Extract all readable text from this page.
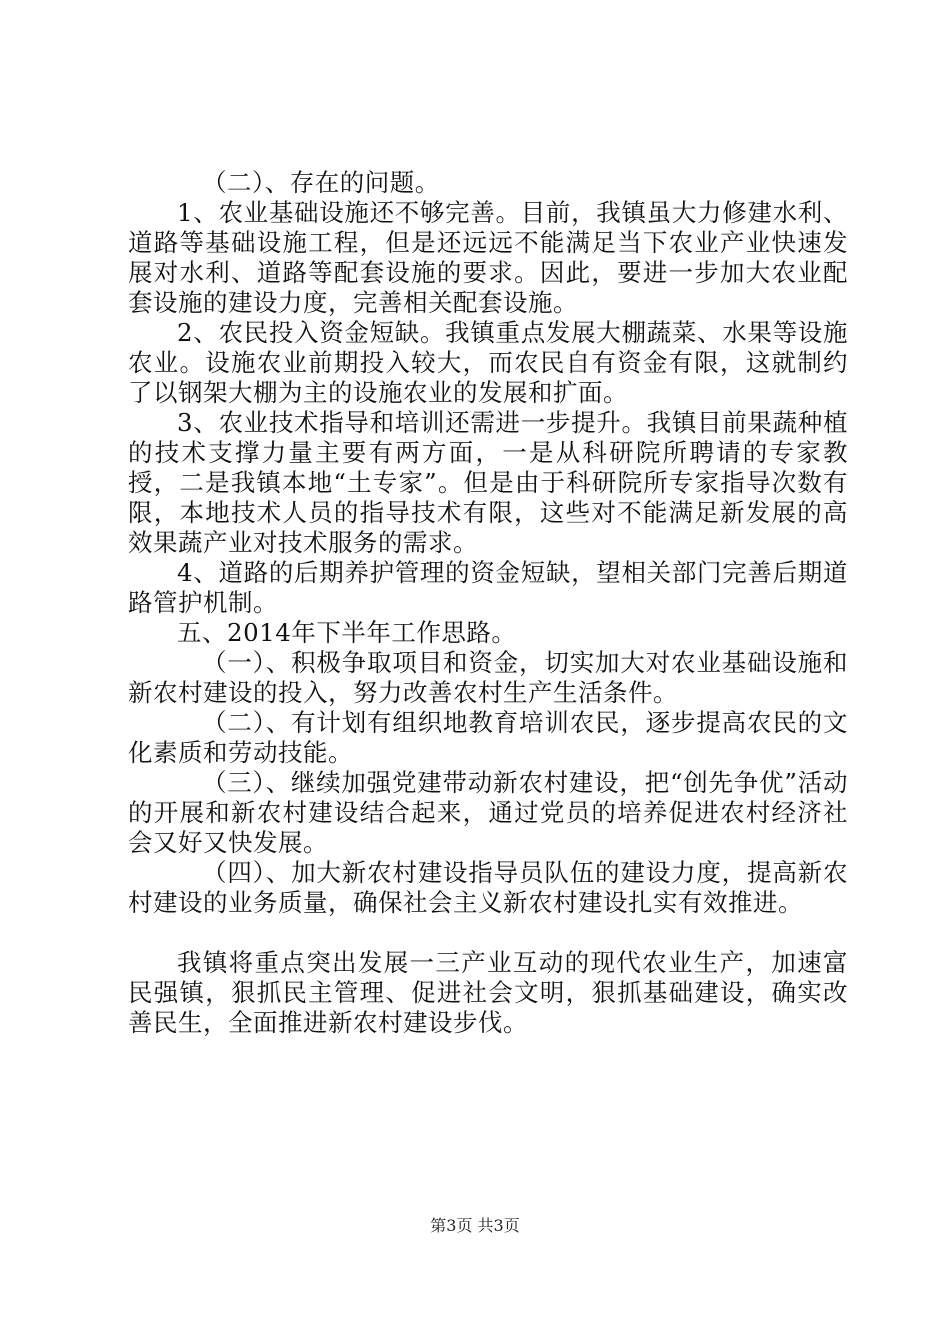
（二）、存在的问题。

1、农业基础设施还不够完善。目前，我镇虽大力修建水利、道路等基础设施工程，但是还远远不能满足当下农业产业快速发展对水利、道路等配套设施的要求。因此，要进一步加大农业配套设施的建设力度，完善相关配套设施。

2、农民投入资金短缺。我镇重点发展大棚蔬菜、水果等设施农业。设施农业前期投入较大，而农民自有资金有限，这就制约了以钢架大棚为主的设施农业的发展和扩面。

3、农业技术指导和培训还需进一步提升。我镇目前果蔬种植的技术支撑力量主要有两方面，一是从科研院所聘请的专家教授，二是我镇本地“土专家”。但是由于科研院所专家指导次数有限，本地技术人员的指导技术有限，这些对不能满足新发展的高效果蔬产业对技术服务的需求。

4、道路的后期养护管理的资金短缺，望相关部门完善后期道路管护机制。

五、2014年下半年工作思路。

（一）、积极争取项目和资金，切实加大对农业基础设施和新农村建设的投入，努力改善农村生产生活条件。

（二）、有计划有组织地教育培训农民，逐步提高农民的文化素质和劳动技能。

（三）、继续加强党建带动新农村建设，把“创先争优”活动的开展和新农村建设结合起来，通过党员的培养促进农村经济社会又好又快发展。

（四）、加大新农村建设指导员队伍的建设力度，提高新农村建设的业务质量，确保社会主义新农村建设扎实有效推进。

我镇将重点突出发展一三产业互动的现代农业生产，加速富民强镇，狠抓民主管理、促进社会文明，狠抓基础建设，确实改善民生，全面推进新农村建设步伐。

第3页 共3页
